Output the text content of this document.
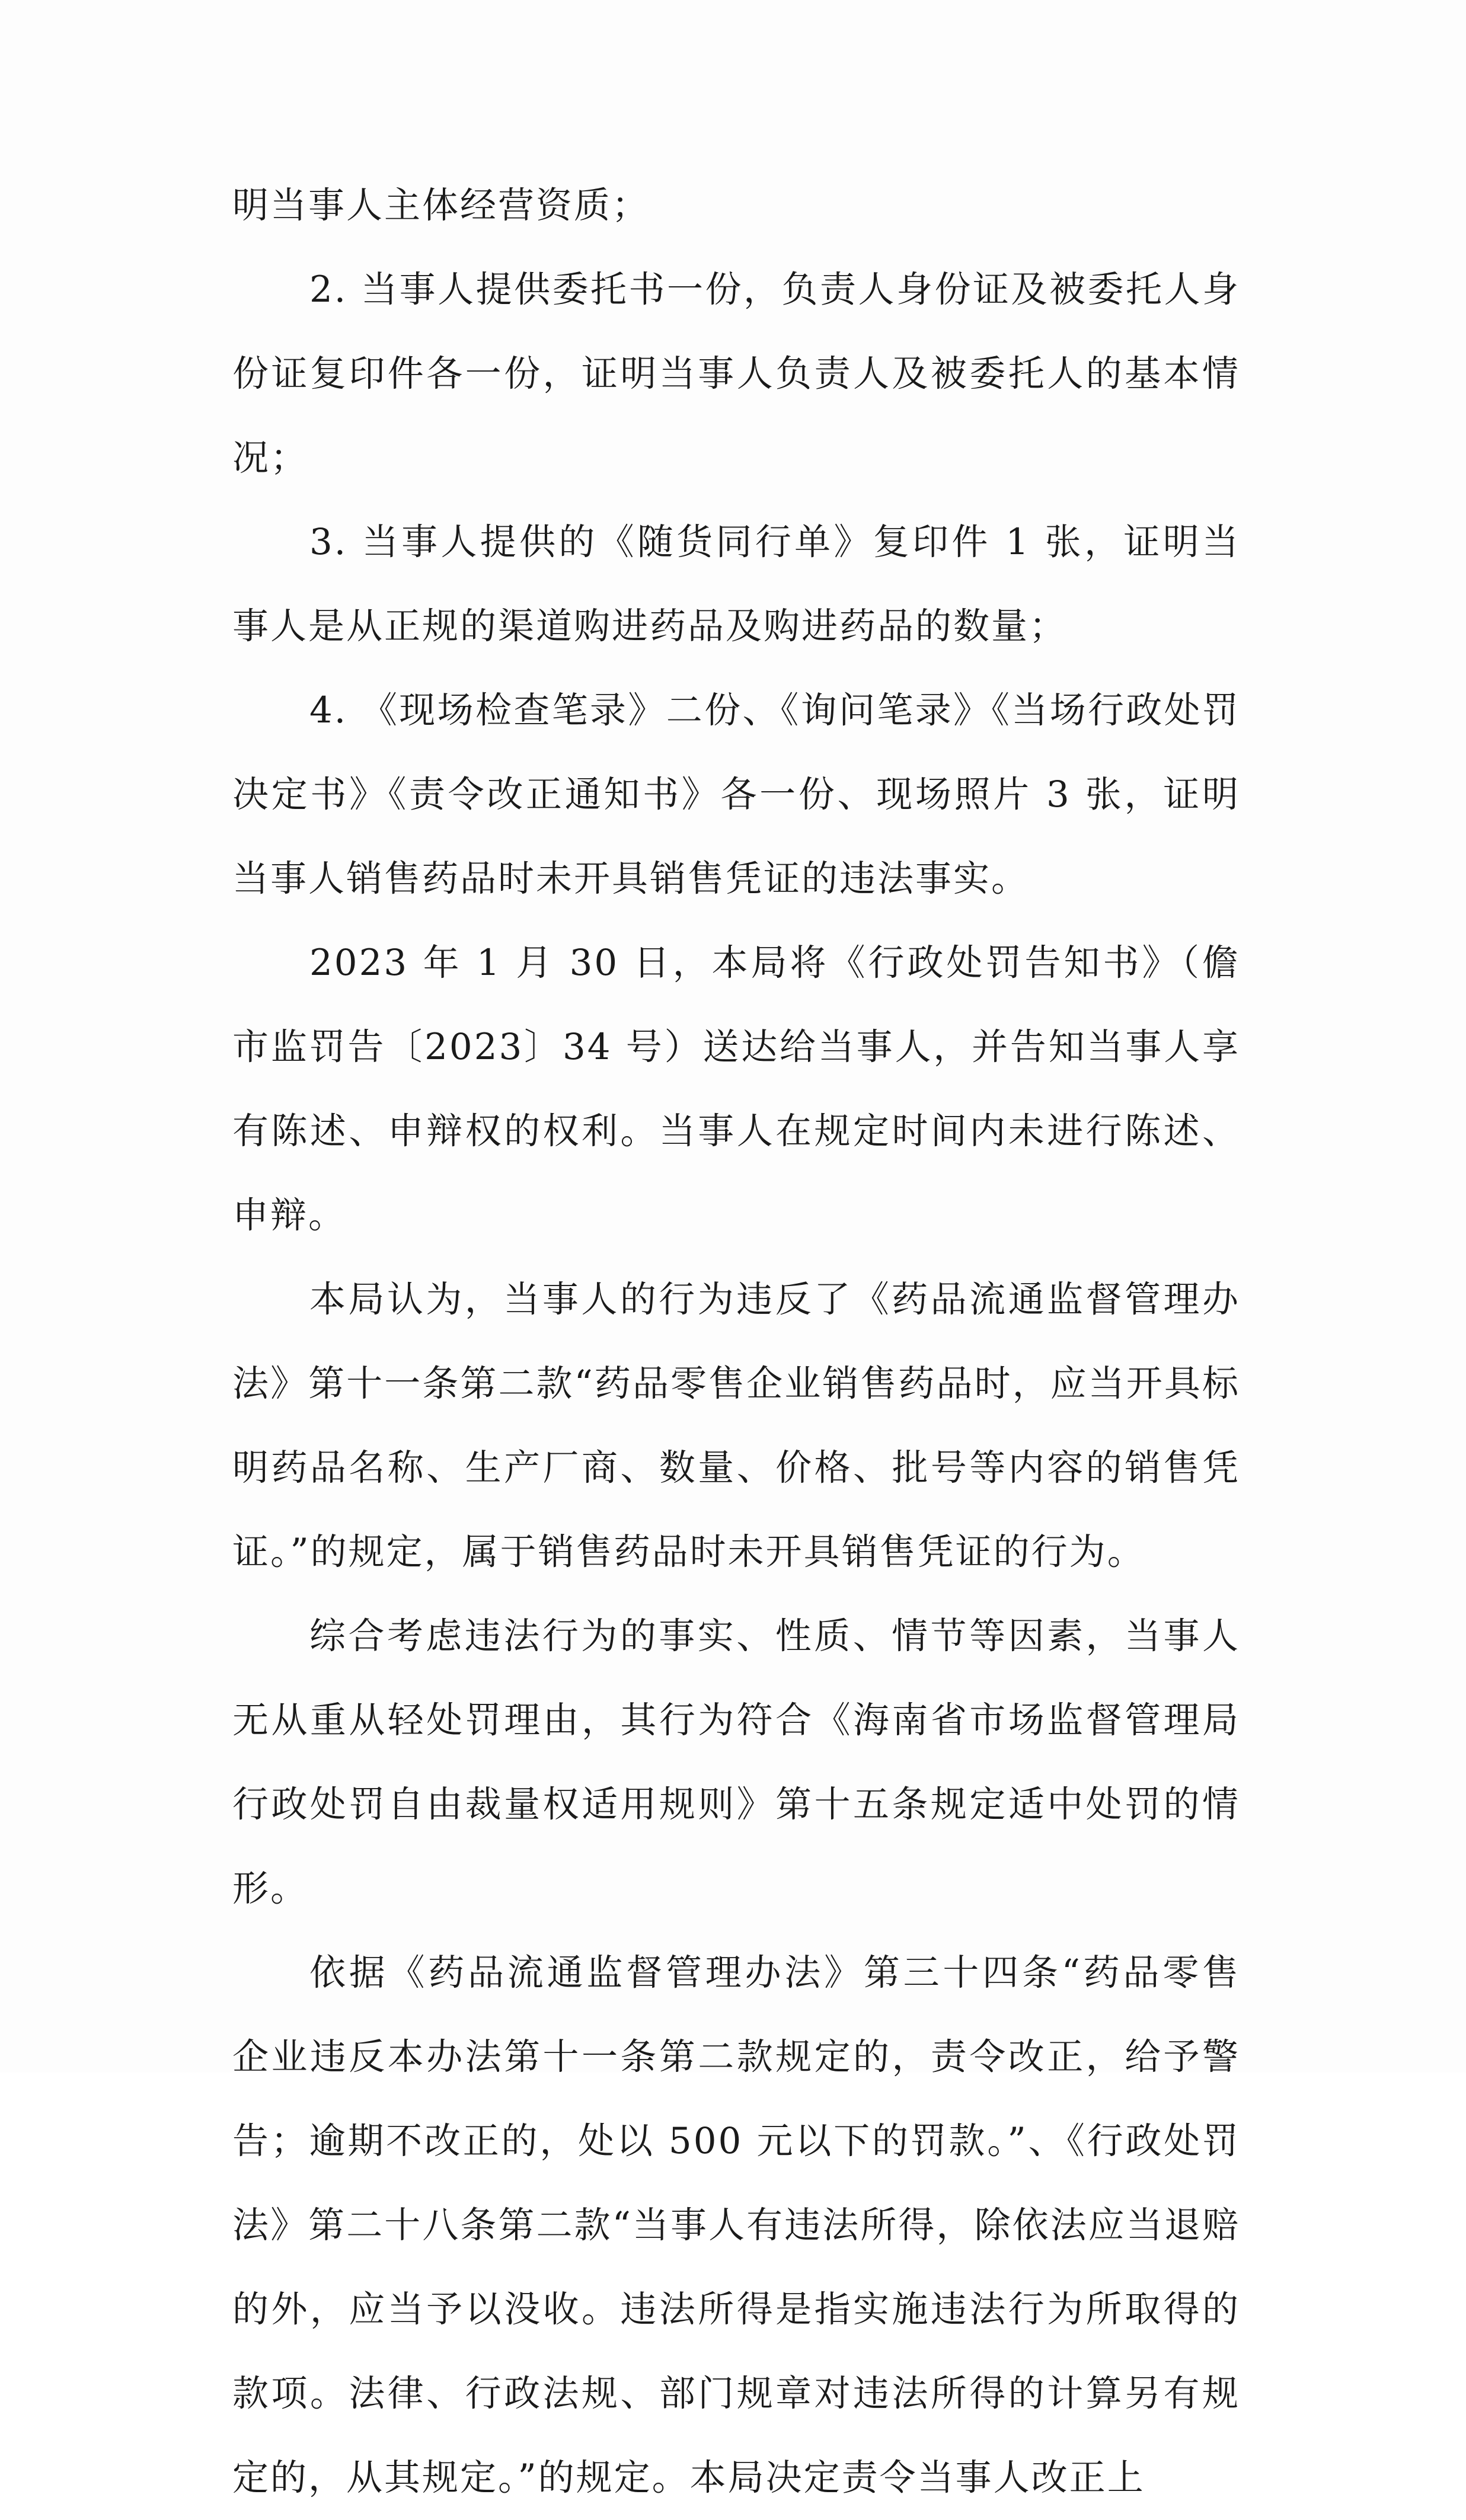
明当事人主体经营资质；

2. 当事人提供委托书一份，负责人身份证及被委托人身份证复印件各一份，证明当事人负责人及被委托人的基本情况；

3. 当事人提供的《随货同行单》复印件 1 张，证明当事人是从正规的渠道购进药品及购进药品的数量；

4. 《现场检查笔录》二份、《询问笔录》《当场行政处罚决定书》《责令改正通知书》各一份、现场照片 3 张，证明当事人销售药品时未开具销售凭证的违法事实。

2023 年 1 月 30 日，本局将《行政处罚告知书》（儋市监罚告〔2023〕34 号）送达给当事人，并告知当事人享有陈述、申辩权的权利。当事人在规定时间内未进行陈述、申辩。

本局认为，当事人的行为违反了《药品流通监督管理办法》第十一条第二款“药品零售企业销售药品时，应当开具标明药品名称、生产厂商、数量、价格、批号等内容的销售凭证。”的规定，属于销售药品时未开具销售凭证的行为。

综合考虑违法行为的事实、性质、情节等因素，当事人无从重从轻处罚理由，其行为符合《海南省市场监督管理局行政处罚自由裁量权适用规则》第十五条规定适中处罚的情形。

依据《药品流通监督管理办法》第三十四条“药品零售企业违反本办法第十一条第二款规定的，责令改正，给予警告；逾期不改正的，处以 500 元以下的罚款。”、《行政处罚法》第二十八条第二款“当事人有违法所得，除依法应当退赔的外，应当予以没收。违法所得是指实施违法行为所取得的款项。法律、行政法规、部门规章对违法所得的计算另有规定的，从其规定。”的规定。本局决定责令当事人改正上
